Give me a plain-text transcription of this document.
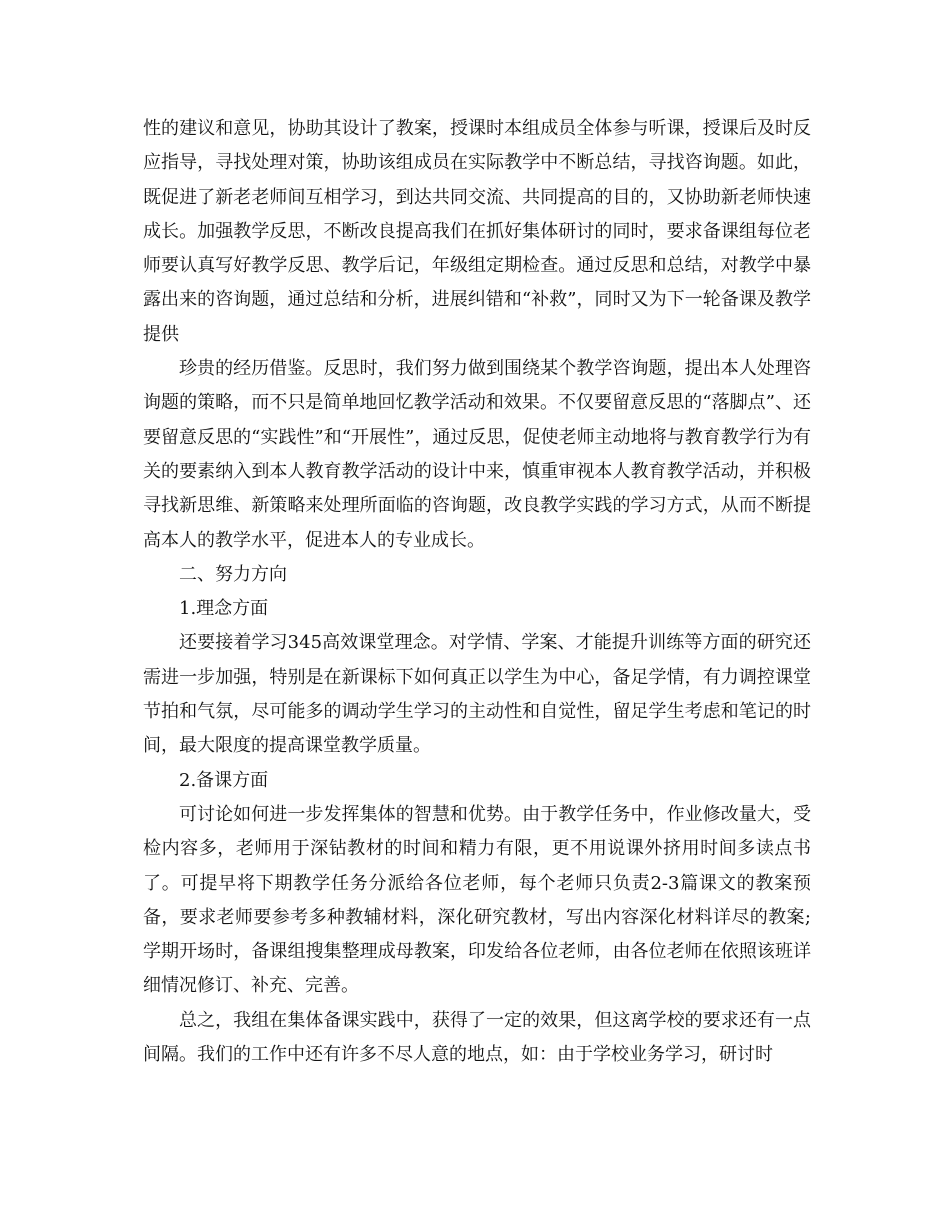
性的建议和意见，协助其设计了教案，授课时本组成员全体参与听课，授课后及时反应指导，寻找处理对策，协助该组成员在实际教学中不断总结，寻找咨询题。如此，既促进了新老老师间互相学习，到达共同交流、共同提高的目的，又协助新老师快速成长。加强教学反思，不断改良提高我们在抓好集体研讨的同时，要求备课组每位老师要认真写好教学反思、教学后记，年级组定期检查。通过反思和总结，对教学中暴露出来的咨询题，通过总结和分析，进展纠错和“补救”，同时又为下一轮备课及教学提供

珍贵的经历借鉴。反思时，我们努力做到围绕某个教学咨询题，提出本人处理咨询题的策略，而不只是简单地回忆教学活动和效果。不仅要留意反思的“落脚点”、还要留意反思的“实践性”和“开展性”，通过反思，促使老师主动地将与教育教学行为有关的要素纳入到本人教育教学活动的设计中来，慎重审视本人教育教学活动，并积极寻找新思维、新策略来处理所面临的咨询题，改良教学实践的学习方式，从而不断提高本人的教学水平，促进本人的专业成长。

二、努力方向

1.理念方面

还要接着学习345高效课堂理念。对学情、学案、才能提升训练等方面的研究还需进一步加强，特别是在新课标下如何真正以学生为中心，备足学情，有力调控课堂节拍和气氛，尽可能多的调动学生学习的主动性和自觉性，留足学生考虑和笔记的时间，最大限度的提高课堂教学质量。

2.备课方面

可讨论如何进一步发挥集体的智慧和优势。由于教学任务中，作业修改量大，受检内容多，老师用于深钻教材的时间和精力有限，更不用说课外挤用时间多读点书了。可提早将下期教学任务分派给各位老师，每个老师只负责2-3篇课文的教案预备，要求老师要参考多种教辅材料，深化研究教材，写出内容深化材料详尽的教案;学期开场时，备课组搜集整理成母教案，印发给各位老师，由各位老师在依照该班详细情况修订、补充、完善。

总之，我组在集体备课实践中，获得了一定的效果，但这离学校的要求还有一点间隔。我们的工作中还有许多不尽人意的地点，如：由于学校业务学习，研讨时
